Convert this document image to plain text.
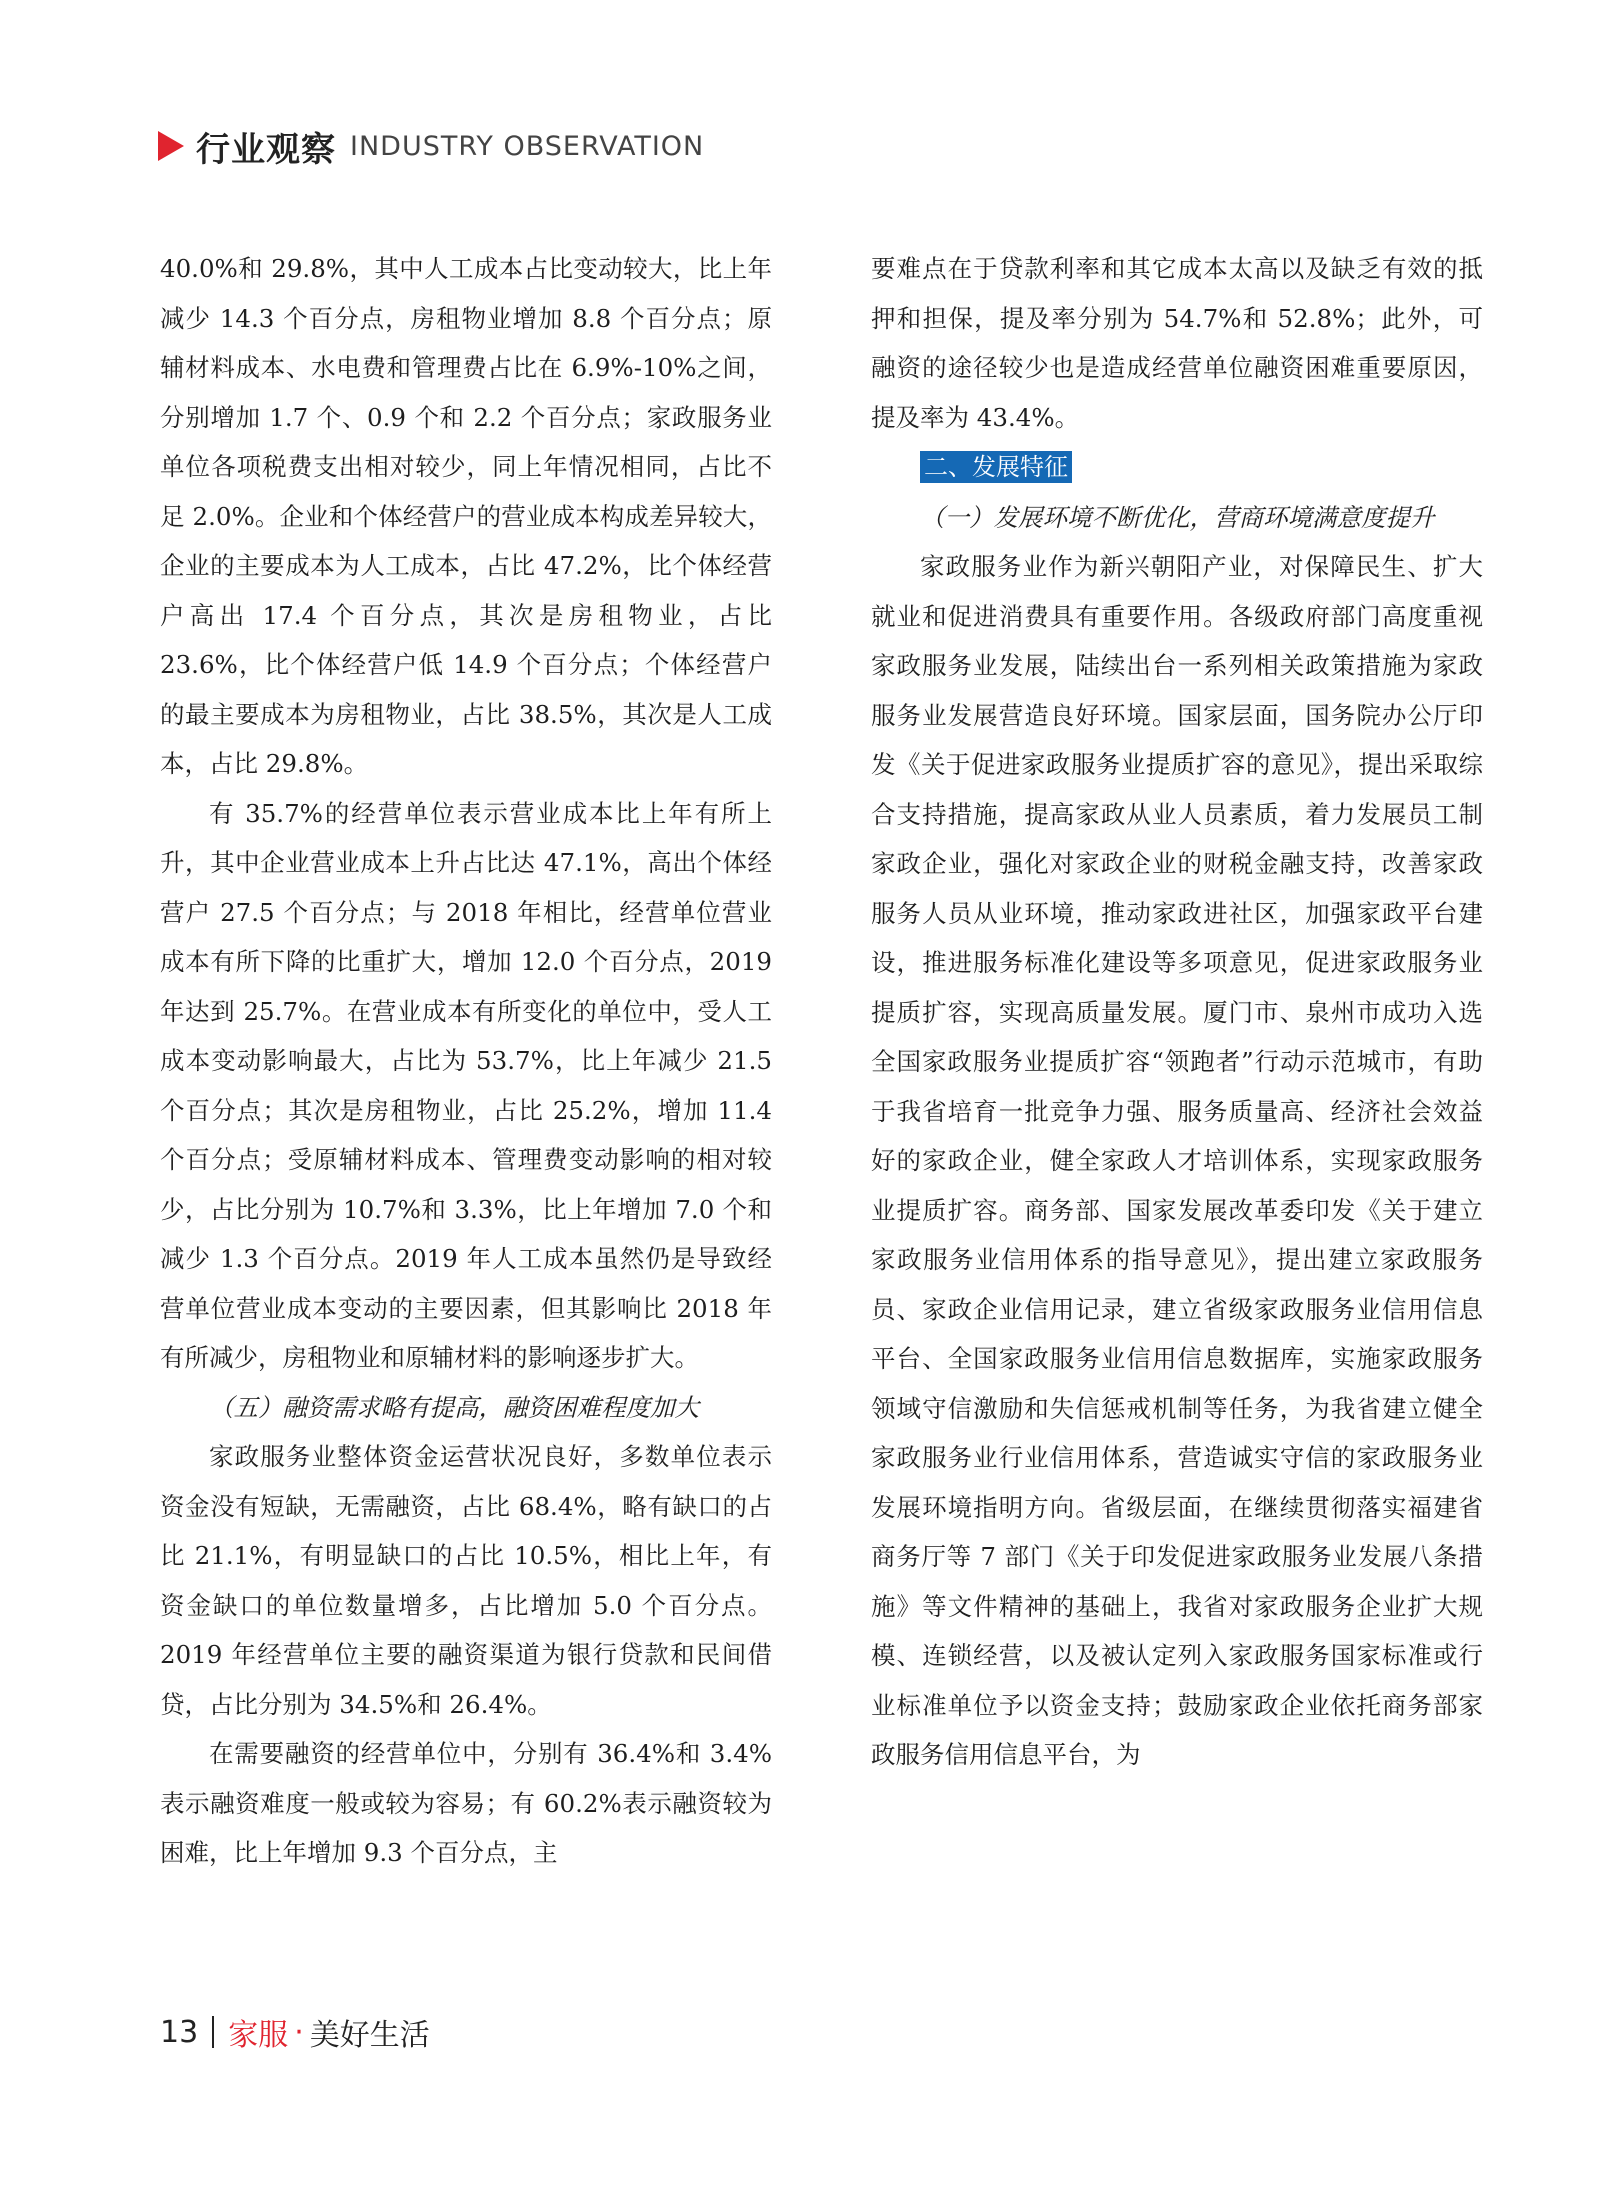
行业观察 INDUSTRY OBSERVATION

40.0%和 29.8%，其中人工成本占比变动较大，比上年减少 14.3 个百分点，房租物业增加 8.8 个百分点；原辅材料成本、水电费和管理费占比在 6.9%-10%之间，分别增加 1.7 个、0.9 个和 2.2 个百分点；家政服务业单位各项税费支出相对较少，同上年情况相同，占比不足 2.0%。企业和个体经营户的营业成本构成差异较大，企业的主要成本为人工成本，占比 47.2%，比个体经营户高出 17.4 个百分点，其次是房租物业，占比 23.6%，比个体经营户低 14.9 个百分点；个体经营户的最主要成本为房租物业，占比 38.5%，其次是人工成本，占比 29.8%。

有 35.7%的经营单位表示营业成本比上年有所上升，其中企业营业成本上升占比达 47.1%，高出个体经营户 27.5 个百分点；与 2018 年相比，经营单位营业成本有所下降的比重扩大，增加 12.0 个百分点，2019 年达到 25.7%。在营业成本有所变化的单位中，受人工成本变动影响最大，占比为 53.7%，比上年减少 21.5 个百分点；其次是房租物业，占比 25.2%，增加 11.4 个百分点；受原辅材料成本、管理费变动影响的相对较少，占比分别为 10.7%和 3.3%，比上年增加 7.0 个和减少 1.3 个百分点。2019 年人工成本虽然仍是导致经营单位营业成本变动的主要因素，但其影响比 2018 年有所减少，房租物业和原辅材料的影响逐步扩大。

（五）融资需求略有提高，融资困难程度加大

家政服务业整体资金运营状况良好，多数单位表示资金没有短缺，无需融资，占比 68.4%，略有缺口的占比 21.1%，有明显缺口的占比 10.5%，相比上年，有资金缺口的单位数量增多，占比增加 5.0 个百分点。2019 年经营单位主要的融资渠道为银行贷款和民间借贷，占比分别为 34.5%和 26.4%。

在需要融资的经营单位中，分别有 36.4%和 3.4%表示融资难度一般或较为容易；有 60.2%表示融资较为困难，比上年增加 9.3 个百分点，主

要难点在于贷款利率和其它成本太高以及缺乏有效的抵押和担保，提及率分别为 54.7%和 52.8%；此外，可融资的途径较少也是造成经营单位融资困难重要原因，提及率为 43.4%。

二、发展特征

（一）发展环境不断优化，营商环境满意度提升

家政服务业作为新兴朝阳产业，对保障民生、扩大就业和促进消费具有重要作用。各级政府部门高度重视家政服务业发展，陆续出台一系列相关政策措施为家政服务业发展营造良好环境。国家层面，国务院办公厅印发《关于促进家政服务业提质扩容的意见》，提出采取综合支持措施，提高家政从业人员素质，着力发展员工制家政企业，强化对家政企业的财税金融支持，改善家政服务人员从业环境，推动家政进社区，加强家政平台建设，推进服务标准化建设等多项意见，促进家政服务业提质扩容，实现高质量发展。厦门市、泉州市成功入选全国家政服务业提质扩容“领跑者”行动示范城市，有助于我省培育一批竞争力强、服务质量高、经济社会效益好的家政企业，健全家政人才培训体系，实现家政服务业提质扩容。商务部、国家发展改革委印发《关于建立家政服务业信用体系的指导意见》，提出建立家政服务员、家政企业信用记录，建立省级家政服务业信用信息平台、全国家政服务业信用信息数据库，实施家政服务领域守信激励和失信惩戒机制等任务，为我省建立健全家政服务业行业信用体系，营造诚实守信的家政服务业发展环境指明方向。省级层面，在继续贯彻落实福建省商务厅等 7 部门《关于印发促进家政服务业发展八条措施》等文件精神的基础上，我省对家政服务企业扩大规模、连锁经营，以及被认定列入家政服务国家标准或行业标准单位予以资金支持；鼓励家政企业依托商务部家政服务信用信息平台，为

13 家服 · 美好生活
